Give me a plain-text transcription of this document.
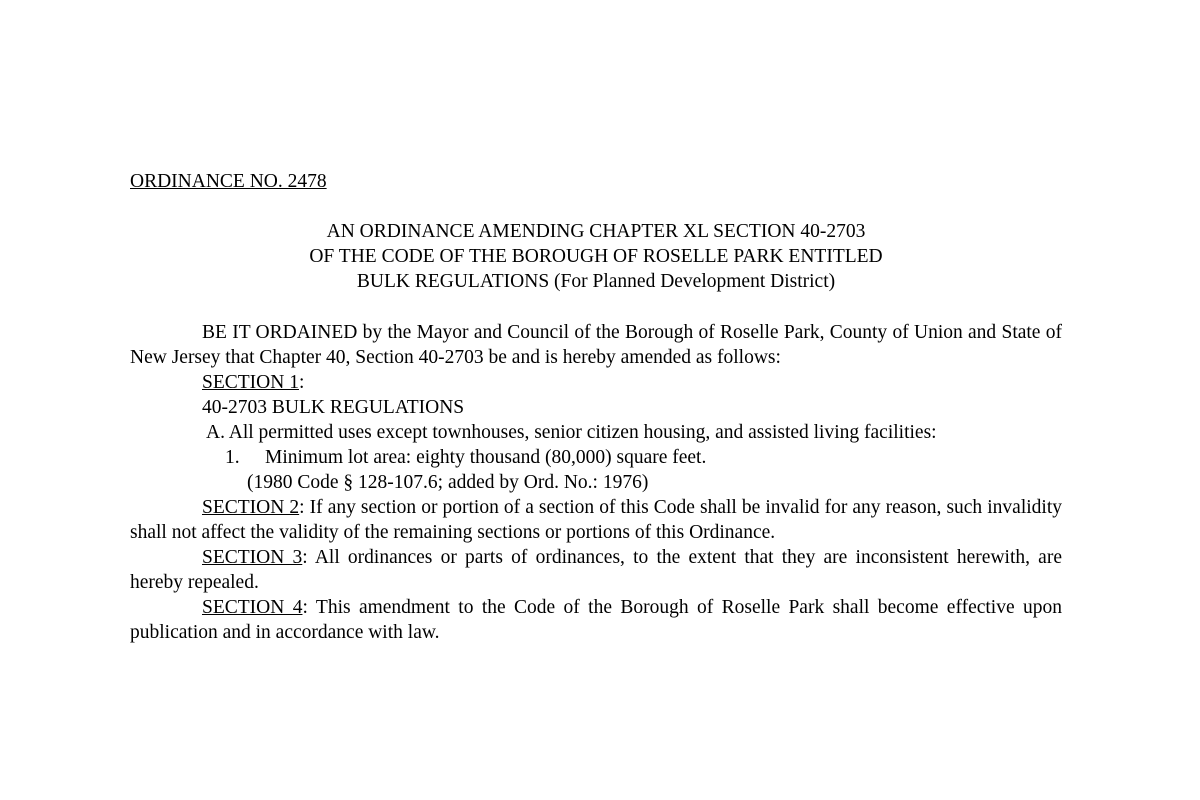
ORDINANCE NO. 2478
AN ORDINANCE AMENDING CHAPTER XL SECTION 40-2703
OF THE CODE OF THE BOROUGH OF ROSELLE PARK ENTITLED
BULK REGULATIONS (For Planned Development District)
BE IT ORDAINED by the Mayor and Council of the Borough of Roselle Park, County of Union and State of New Jersey that Chapter 40, Section 40-2703 be and is hereby amended as follows:
SECTION 1:
40-2703 BULK REGULATIONS
A. All permitted uses except townhouses, senior citizen housing, and assisted living facilities:
1. Minimum lot area: eighty thousand (80,000) square feet.
(1980 Code § 128-107.6; added by Ord. No.: 1976)
SECTION 2: If any section or portion of a section of this Code shall be invalid for any reason, such invalidity shall not affect the validity of the remaining sections or portions of this Ordinance.
SECTION 3: All ordinances or parts of ordinances, to the extent that they are inconsistent herewith, are hereby repealed.
SECTION 4: This amendment to the Code of the Borough of Roselle Park shall become effective upon publication and in accordance with law.
